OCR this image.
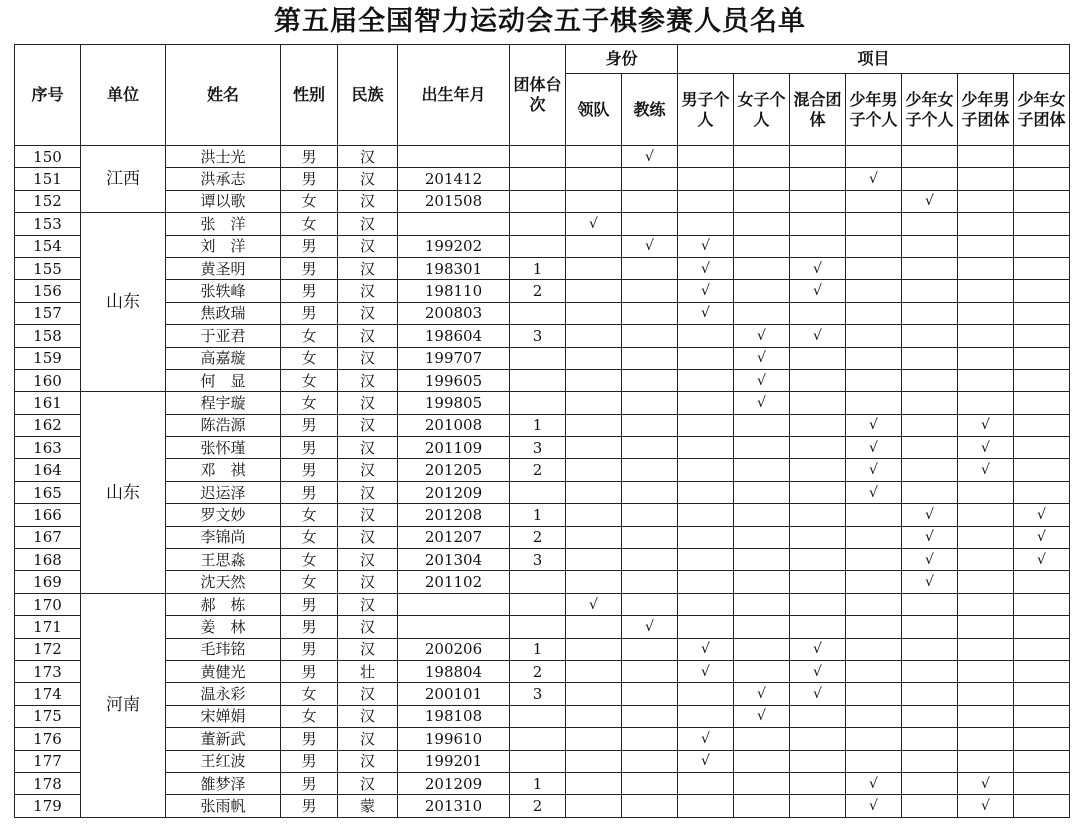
第五届全国智力运动会五子棋参赛人员名单
序号	单位	姓名	性别	民族	出生年月	团体台次	身份		项目						
							领队	教练	男子个人	女子个人	混合团体	少年男子个人	少年女子个人	少年男子团体	少年女子团体
150	江西	洪士光	男	汉				√							
151		洪承志	男	汉	201412							√			
152		谭以歌	女	汉	201508								√		
153	山东	张　洋	女	汉			√								
154		刘　洋	男	汉	199202			√	√						
155		黄圣明	男	汉	198301	1			√		√				
156		张轶峰	男	汉	198110	2			√		√				
157		焦政瑞	男	汉	200803				√						
158		于亚君	女	汉	198604	3				√	√				
159		高嘉璇	女	汉	199707					√					
160		何　显	女	汉	199605					√					
161	山东	程宇璇	女	汉	199805					√					
162		陈浩源	男	汉	201008	1						√		√	
163		张怀瑾	男	汉	201109	3						√		√	
164		邓　祺	男	汉	201205	2						√		√	
165		迟运泽	男	汉	201209							√			
166		罗文妙	女	汉	201208	1							√		√
167		李锦尚	女	汉	201207	2							√		√
168		王思淼	女	汉	201304	3							√		√
169		沈天然	女	汉	201102								√		
170	河南	郝　栋	男	汉			√								
171		姜　林	男	汉				√							
172		毛玮铭	男	汉	200206	1			√		√				
173		黄健光	男	壮	198804	2			√		√				
174		温永彩	女	汉	200101	3				√	√				
175		宋婵娟	女	汉	198108					√					
176		董新武	男	汉	199610				√						
177		王红波	男	汉	199201				√						
178		雒梦泽	男	汉	201209	1						√		√	
179		张雨帆	男	蒙	201310	2						√		√	
